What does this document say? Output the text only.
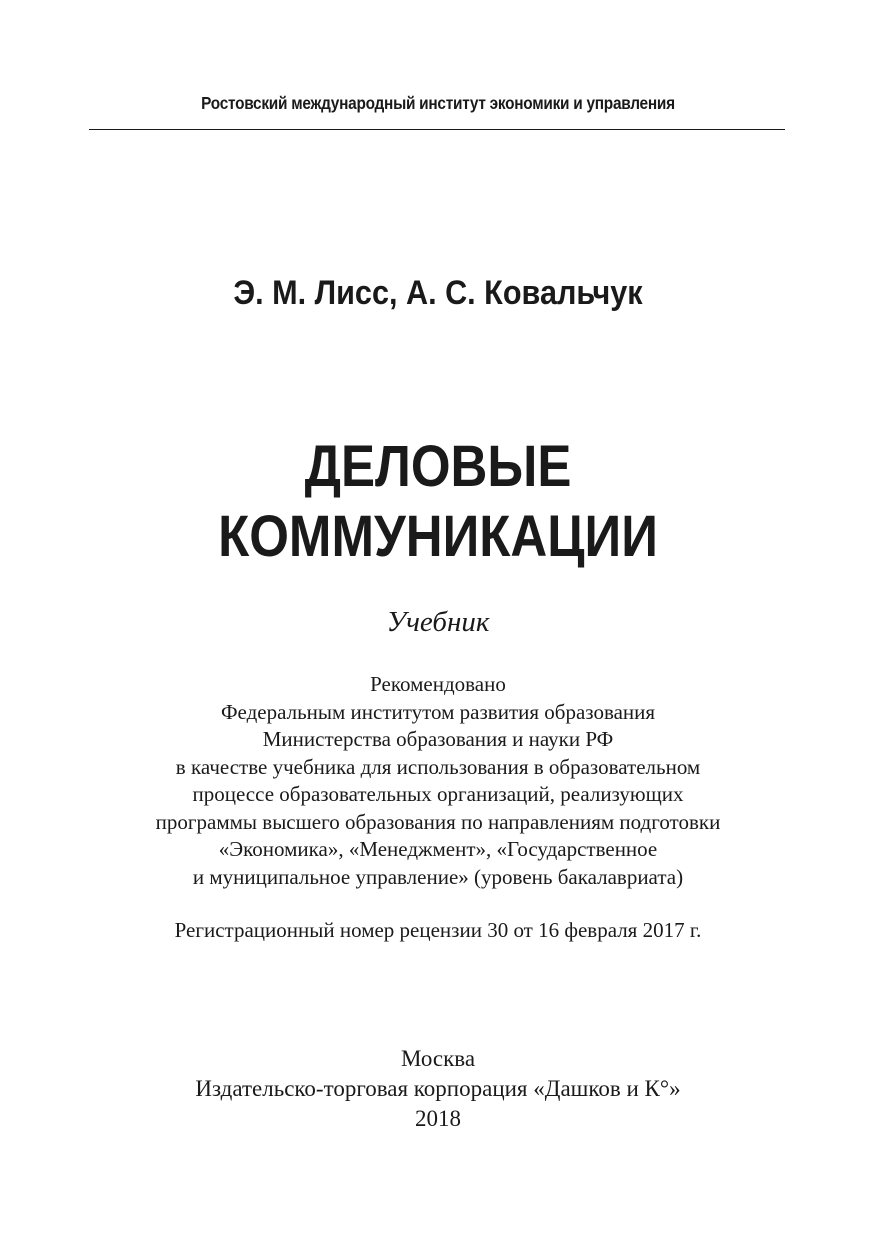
Ростовский международный институт экономики и управления
Э. М. Лисс, А. С. Ковальчук
ДЕЛОВЫЕ
КОММУНИКАЦИИ
Учебник
Рекомендовано
Федеральным институтом развития образования
Министерства образования и науки РФ
в качестве учебника для использования в образовательном
процессе образовательных организаций, реализующих
программы высшего образования по направлениям подготовки
«Экономика», «Менеджмент», «Государственное
и муниципальное управление» (уровень бакалавриата)
Регистрационный номер рецензии 30 от 16 февраля 2017 г.
Москва
Издательско-торговая корпорация «Дашков и К°»
2018
